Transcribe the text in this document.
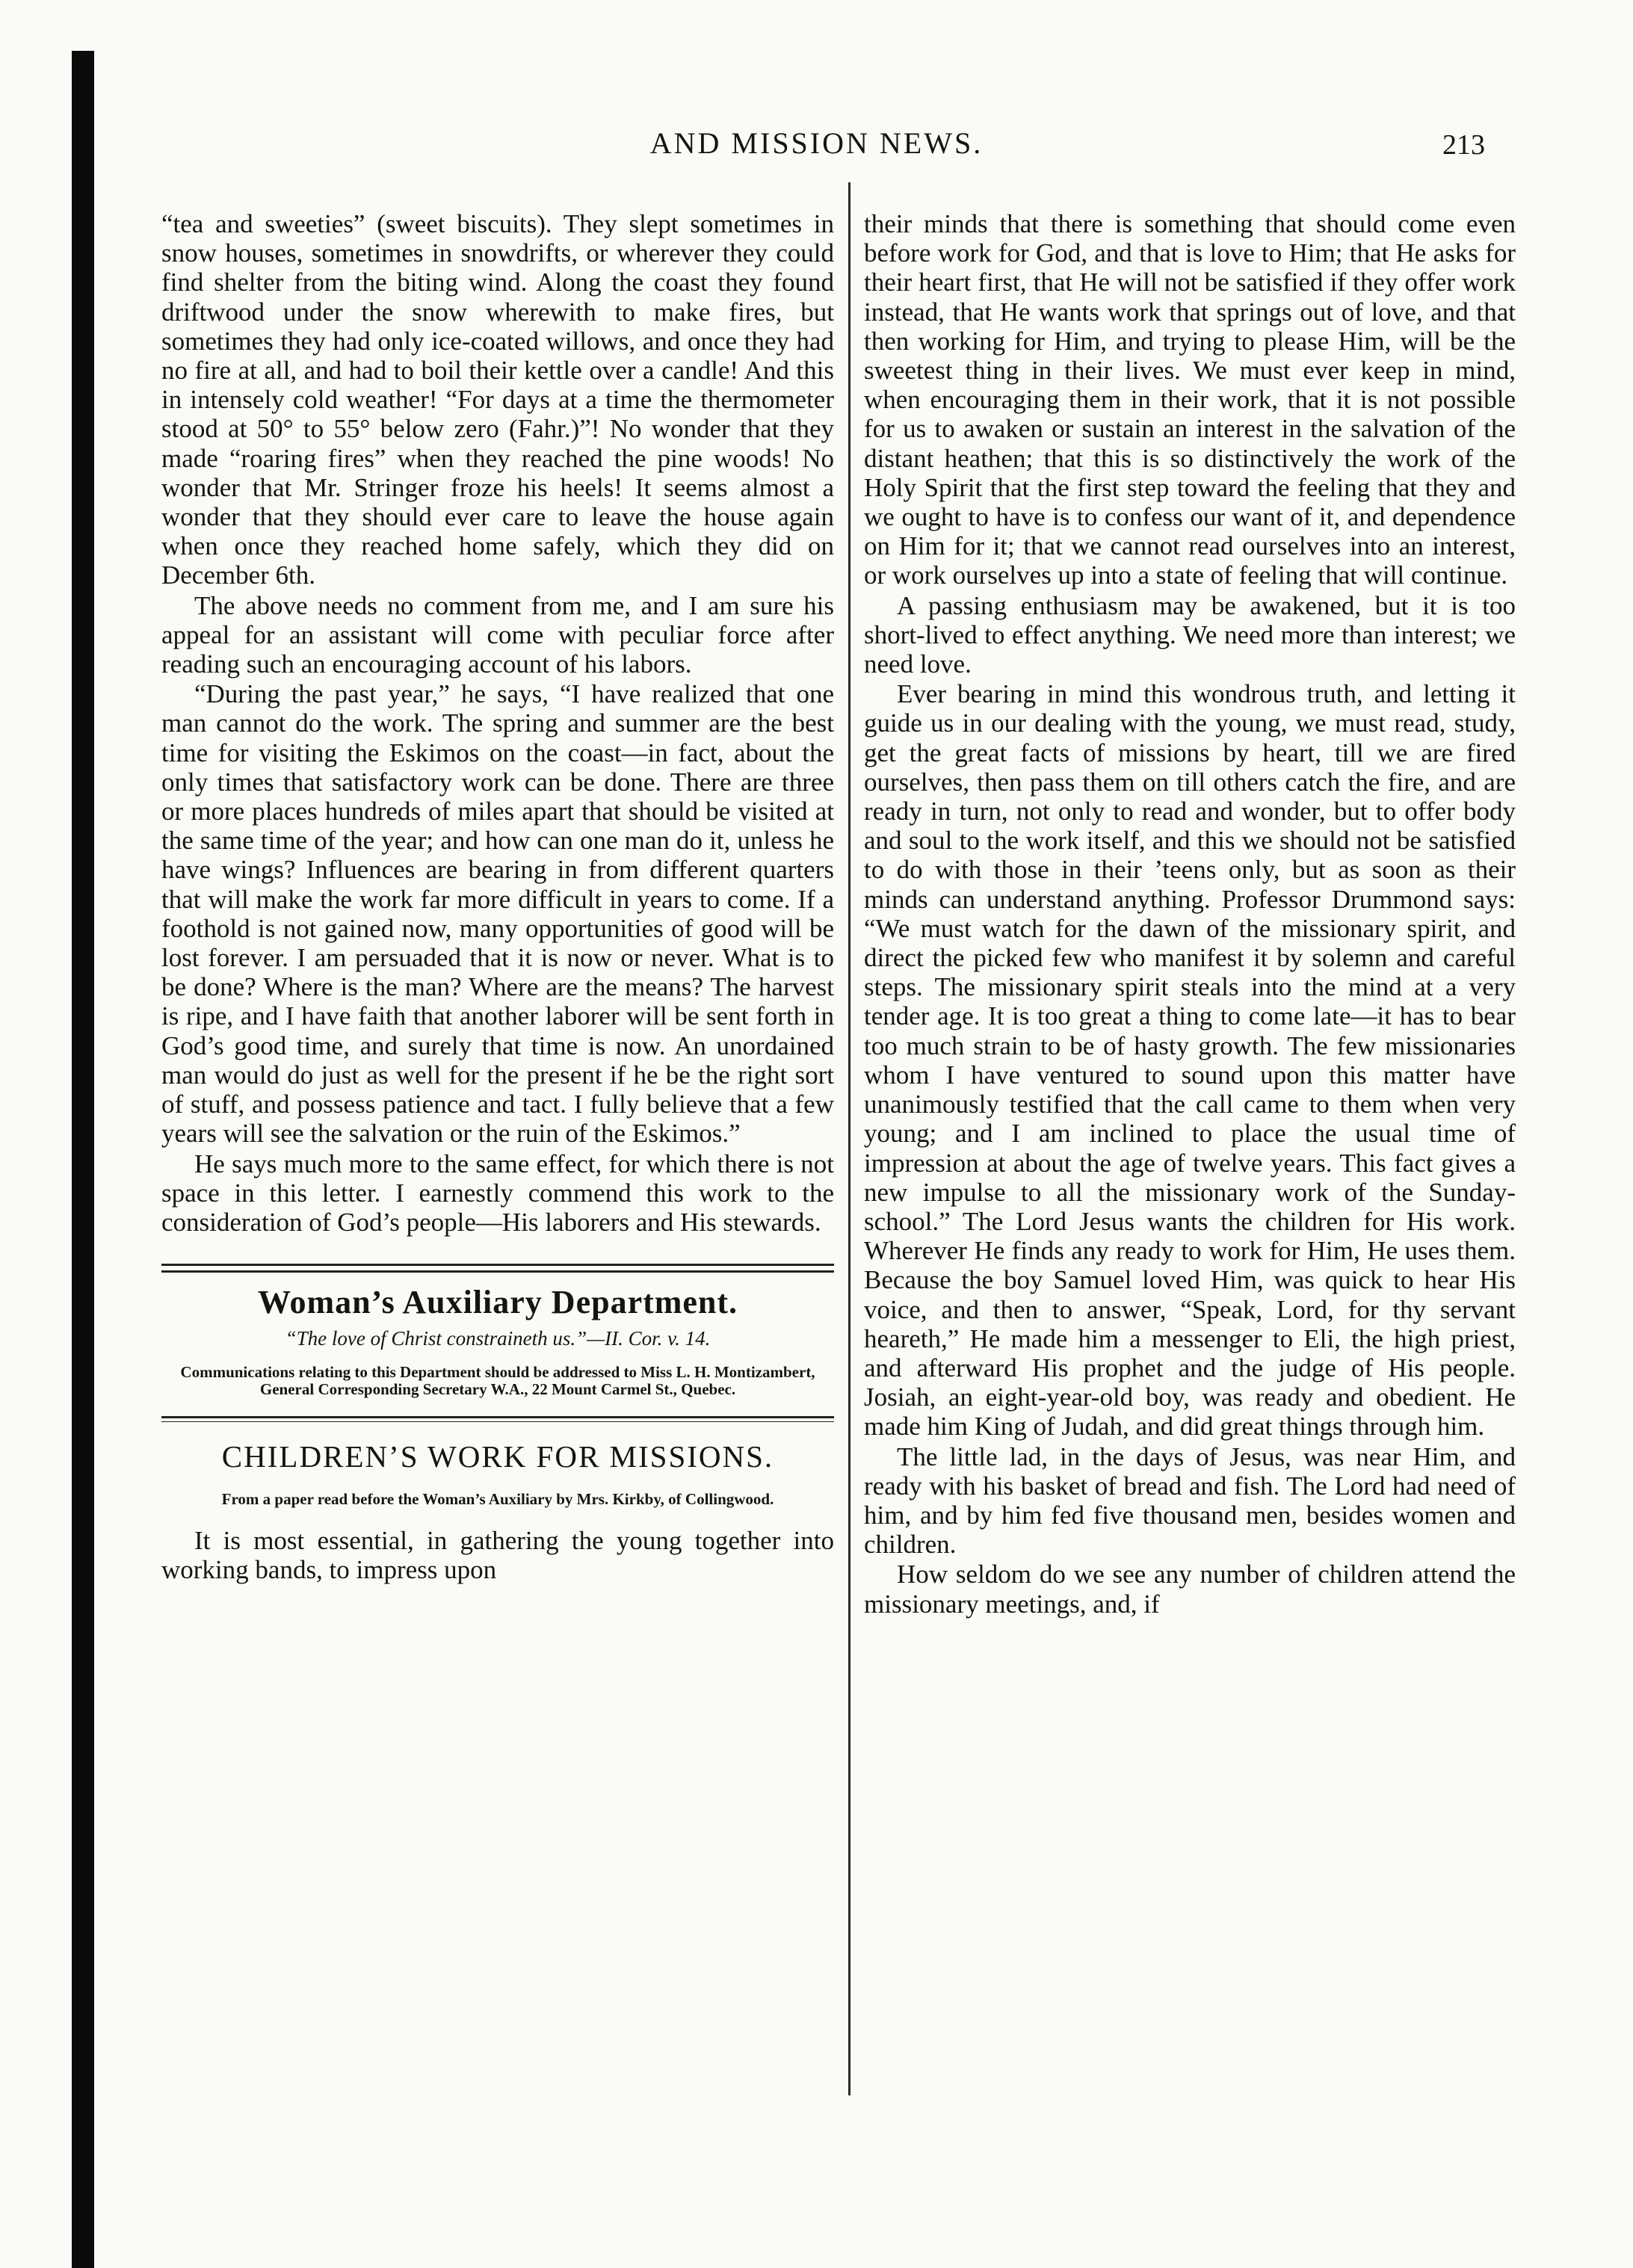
AND MISSION NEWS.	213

“tea and sweeties” (sweet biscuits). They slept sometimes in snow houses, sometimes in snowdrifts, or wherever they could find shelter from the biting wind. Along the coast they found driftwood under the snow wherewith to make fires, but sometimes they had only ice-coated willows, and once they had no fire at all, and had to boil their kettle over a candle! And this in intensely cold weather! “For days at a time the thermometer stood at 50° to 55° below zero (Fahr.)”! No wonder that they made “roaring fires” when they reached the pine woods! No wonder that Mr. Stringer froze his heels! It seems almost a wonder that they should ever care to leave the house again when once they reached home safely, which they did on December 6th.

The above needs no comment from me, and I am sure his appeal for an assistant will come with peculiar force after reading such an encouraging account of his labors.

“During the past year,” he says, “I have realized that one man cannot do the work. The spring and summer are the best time for visiting the Eskimos on the coast—in fact, about the only times that satisfactory work can be done. There are three or more places hundreds of miles apart that should be visited at the same time of the year; and how can one man do it, unless he have wings? Influences are bearing in from different quarters that will make the work far more difficult in years to come. If a foothold is not gained now, many opportunities of good will be lost forever. I am persuaded that it is now or never. What is to be done? Where is the man? Where are the means? The harvest is ripe, and I have faith that another laborer will be sent forth in God’s good time, and surely that time is now. An unordained man would do just as well for the present if he be the right sort of stuff, and possess patience and tact. I fully believe that a few years will see the salvation or the ruin of the Eskimos.”

He says much more to the same effect, for which there is not space in this letter. I earnestly commend this work to the consideration of God’s people—His laborers and His stewards.

Woman’s Auxiliary Department.
“The love of Christ constraineth us.”—II. Cor. v. 14.
Communications relating to this Department should be addressed to Miss L. H. Montizambert, General Corresponding Secretary W.A., 22 Mount Carmel St., Quebec.
CHILDREN’S WORK FOR MISSIONS.
From a paper read before the Woman’s Auxiliary by Mrs. Kirkby, of Collingwood.

It is most essential, in gathering the young together into working bands, to impress upon

their minds that there is something that should come even before work for God, and that is love to Him; that He asks for their heart first, that He will not be satisfied if they offer work instead, that He wants work that springs out of love, and that then working for Him, and trying to please Him, will be the sweetest thing in their lives. We must ever keep in mind, when encouraging them in their work, that it is not possible for us to awaken or sustain an interest in the salvation of the distant heathen; that this is so distinctively the work of the Holy Spirit that the first step toward the feeling that they and we ought to have is to confess our want of it, and dependence on Him for it; that we cannot read ourselves into an interest, or work ourselves up into a state of feeling that will continue.

A passing enthusiasm may be awakened, but it is too short-lived to effect anything. We need more than interest; we need love.

Ever bearing in mind this wondrous truth, and letting it guide us in our dealing with the young, we must read, study, get the great facts of missions by heart, till we are fired ourselves, then pass them on till others catch the fire, and are ready in turn, not only to read and wonder, but to offer body and soul to the work itself, and this we should not be satisfied to do with those in their ’teens only, but as soon as their minds can understand anything. Professor Drummond says: “We must watch for the dawn of the missionary spirit, and direct the picked few who manifest it by solemn and careful steps. The missionary spirit steals into the mind at a very tender age. It is too great a thing to come late—it has to bear too much strain to be of hasty growth. The few missionaries whom I have ventured to sound upon this matter have unanimously testified that the call came to them when very young; and I am inclined to place the usual time of impression at about the age of twelve years. This fact gives a new impulse to all the missionary work of the Sunday-school.” The Lord Jesus wants the children for His work. Wherever He finds any ready to work for Him, He uses them. Because the boy Samuel loved Him, was quick to hear His voice, and then to answer, “Speak, Lord, for thy servant heareth,” He made him a messenger to Eli, the high priest, and afterward His prophet and the judge of His people. Josiah, an eight-year-old boy, was ready and obedient. He made him King of Judah, and did great things through him.

The little lad, in the days of Jesus, was near Him, and ready with his basket of bread and fish. The Lord had need of him, and by him fed five thousand men, besides women and children.

How seldom do we see any number of children attend the missionary meetings, and, if
